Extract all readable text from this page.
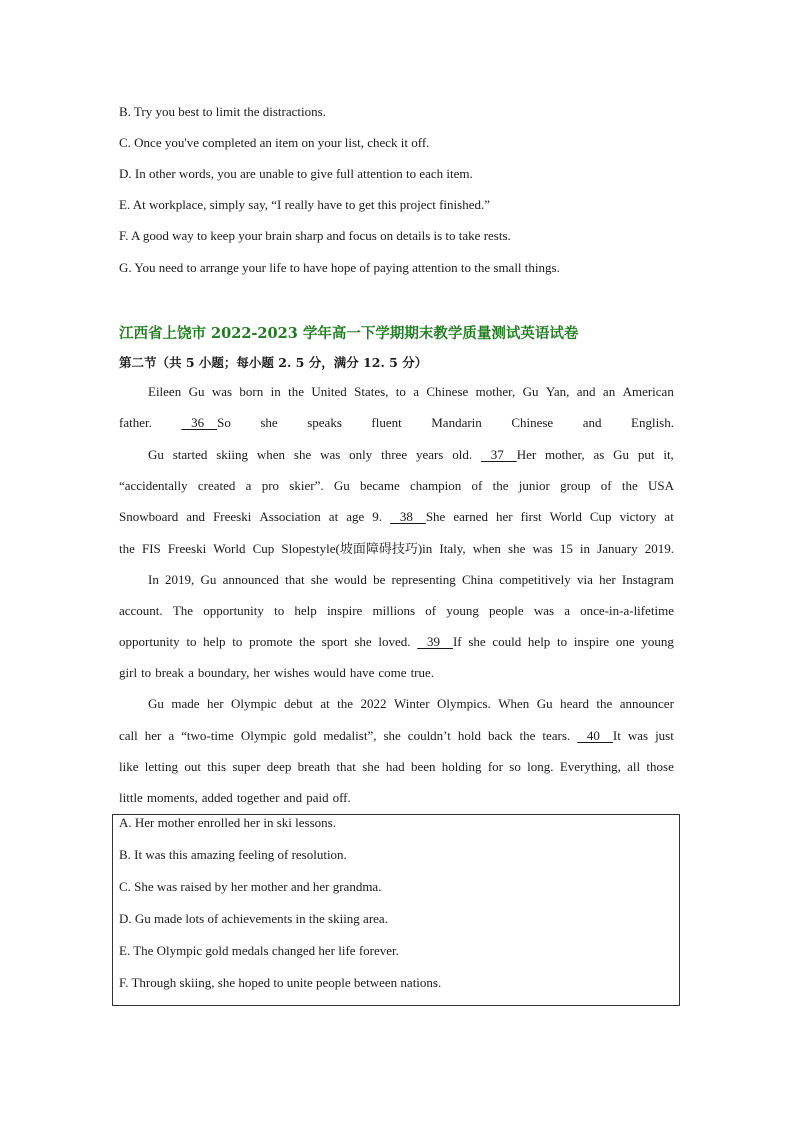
B. Try you best to limit the distractions.
C. Once you've completed an item on your list, check it off.
D. In other words, you are unable to give full attention to each item.
E. At workplace, simply say, “I really have to get this project finished.”
F. A good way to keep your brain sharp and focus on details is to take rests.
G. You need to arrange your life to have hope of paying attention to the small things.
江西省上饶市 2022-2023 学年高一下学期期末教学质量测试英语试卷
第二节（共 5 小题；每小题 2. 5 分，满分 12. 5 分）
Eileen Gu was born in the United States, to a Chinese mother, Gu Yan, and an American
father. 36    So she speaks fluent Mandarin Chinese and English.
Gu started skiing when she was only three years old. 37    Her mother, as Gu put it,
“accidentally created a pro skier”. Gu became champion of the junior group of the USA
Snowboard and Freeski Association at age 9. 38    She earned her first World Cup victory at
the FIS Freeski World Cup Slopestyle(坡面障碍技巧)in Italy, when she was 15 in January 2019.
In 2019, Gu announced that she would be representing China competitively via her Instagram
account. The opportunity to help inspire millions of young people was a once-in-a-lifetime
opportunity to help to promote the sport she loved. 39    If she could help to inspire one young
girl to break a boundary, her wishes would have come true.
Gu made her Olympic debut at the 2022 Winter Olympics. When Gu heard the announcer
call her a “two-time Olympic gold medalist”, she couldn’t hold back the tears. 40    It was just
like letting out this super deep breath that she had been holding for so long. Everything, all those
little moments, added together and paid off.
A. Her mother enrolled her in ski lessons.
B. It was this amazing feeling of resolution.
C. She was raised by her mother and her grandma.
D. Gu made lots of achievements in the skiing area.
E. The Olympic gold medals changed her life forever.
F. Through skiing, she hoped to unite people between nations.
